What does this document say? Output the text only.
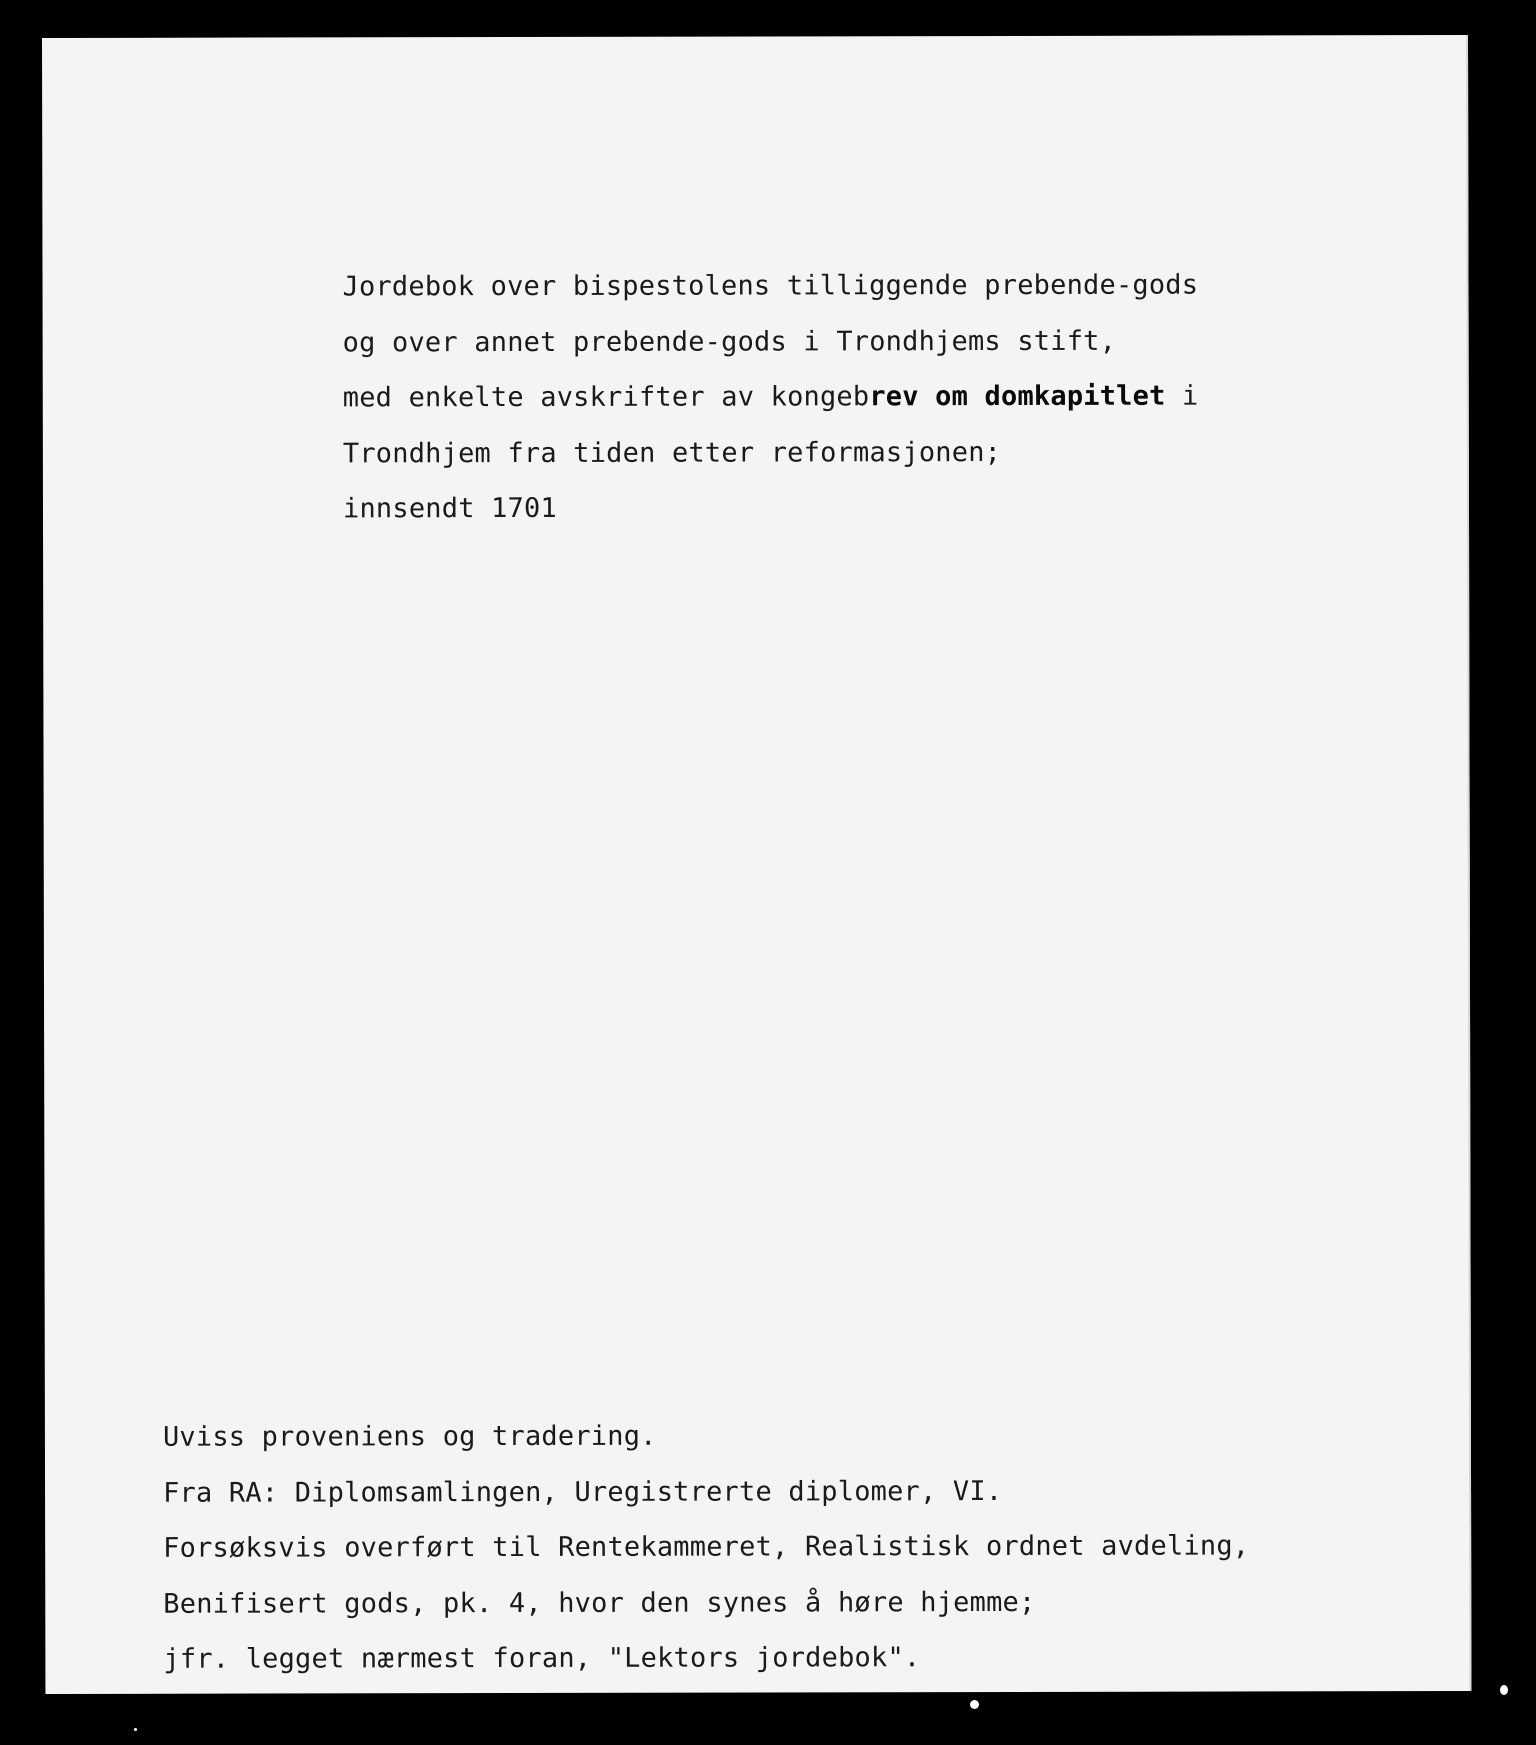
Jordebok over bispestolens tilliggende prebende-gods
og over annet prebende-gods i Trondhjems stift,
med enkelte avskrifter av kongebrev om domkapitlet i
Trondhjem fra tiden etter reformasjonen;
innsendt 1701
Uviss proveniens og tradering.
Fra RA: Diplomsamlingen, Uregistrerte diplomer, VI.
Forsøksvis overført til Rentekammeret, Realistisk ordnet avdeling,
Benifisert gods, pk. 4, hvor den synes å høre hjemme;
jfr. legget nærmest foran, "Lektors jordebok".
